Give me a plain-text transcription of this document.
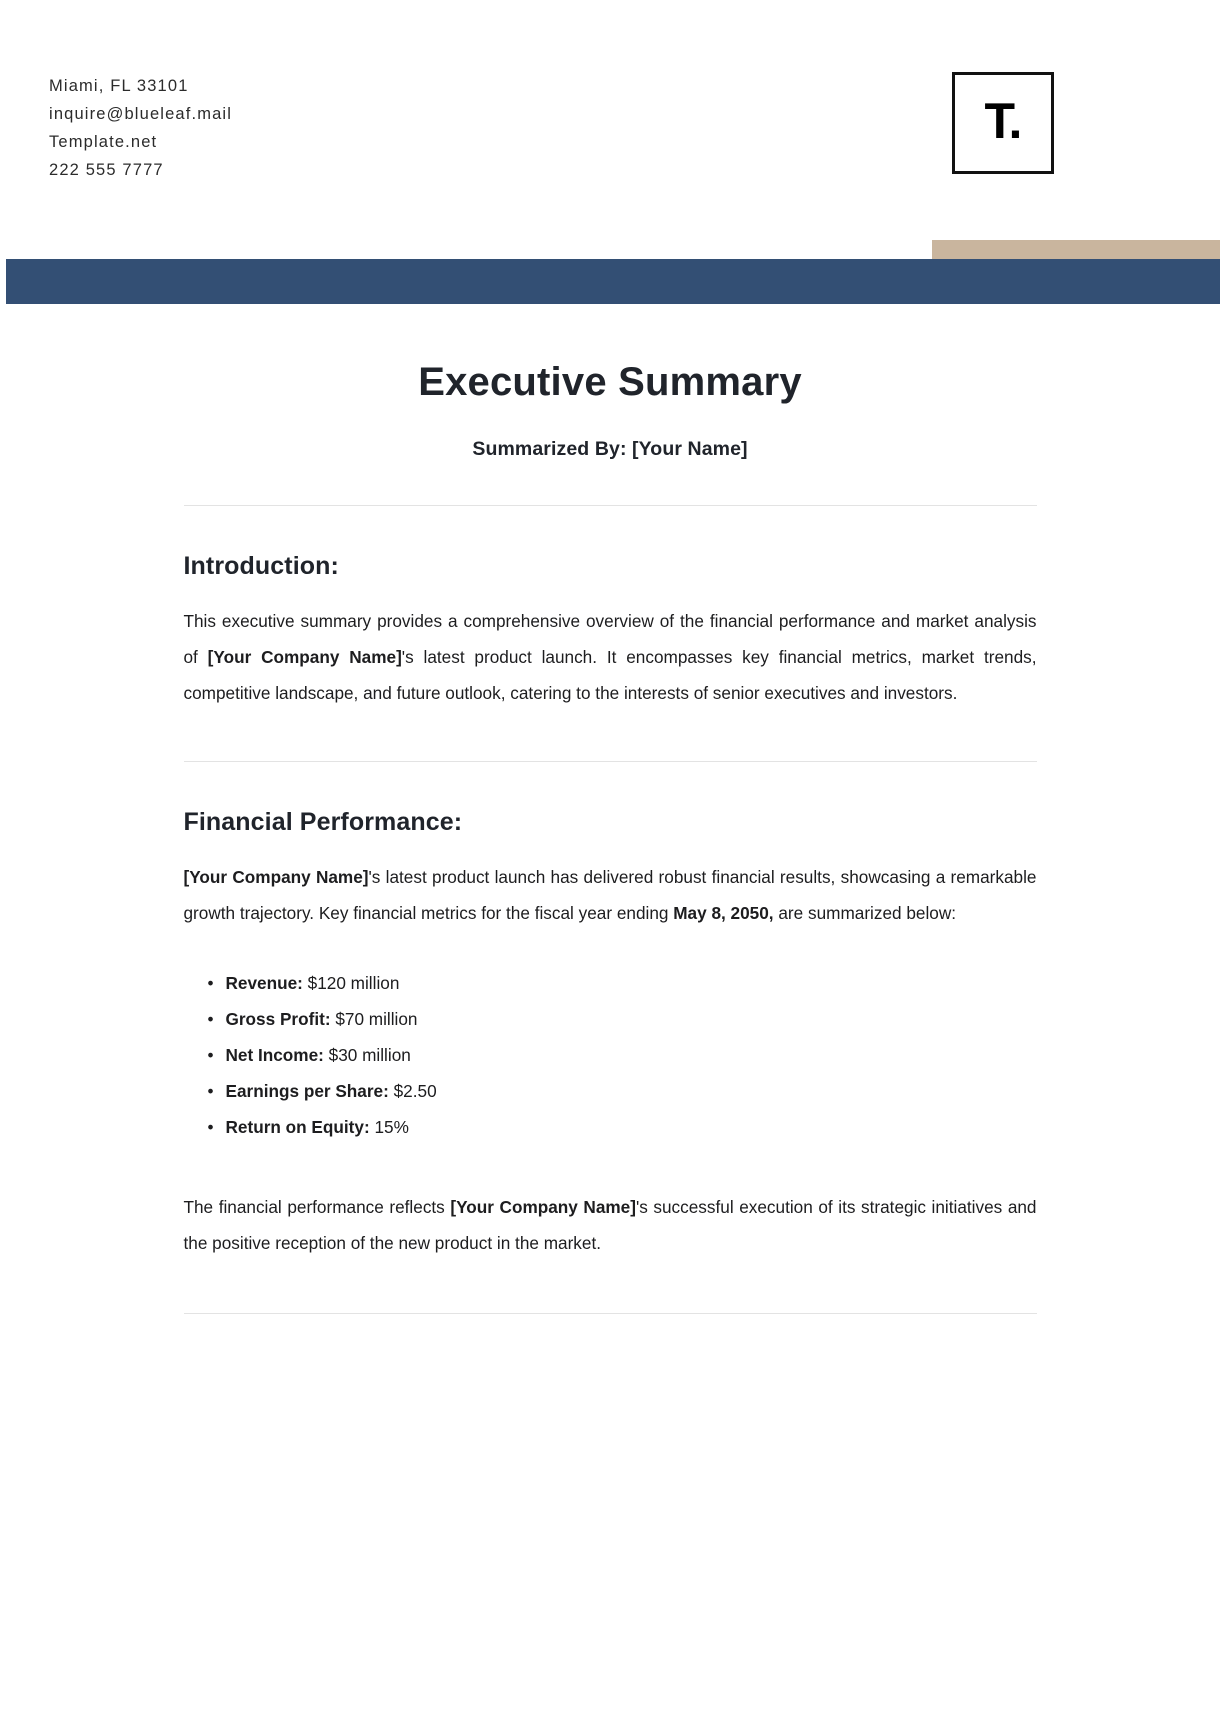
Miami, FL 33101
inquire@blueleaf.mail
Template.net
222 555 7777
T.
Executive Summary

Summarized By: [Your Name]

Introduction:

This executive summary provides a comprehensive overview of the financial performance and market analysis of [Your Company Name]'s latest product launch. It encompasses key financial metrics, market trends, competitive landscape, and future outlook, catering to the interests of senior executives and investors.

Financial Performance:

[Your Company Name]'s latest product launch has delivered robust financial results, showcasing a remarkable growth trajectory. Key financial metrics for the fiscal year ending May 8, 2050, are summarized below:

• Revenue: $120 million
• Gross Profit: $70 million
• Net Income: $30 million
• Earnings per Share: $2.50
• Return on Equity: 15%

The financial performance reflects [Your Company Name]'s successful execution of its strategic initiatives and the positive reception of the new product in the market.
